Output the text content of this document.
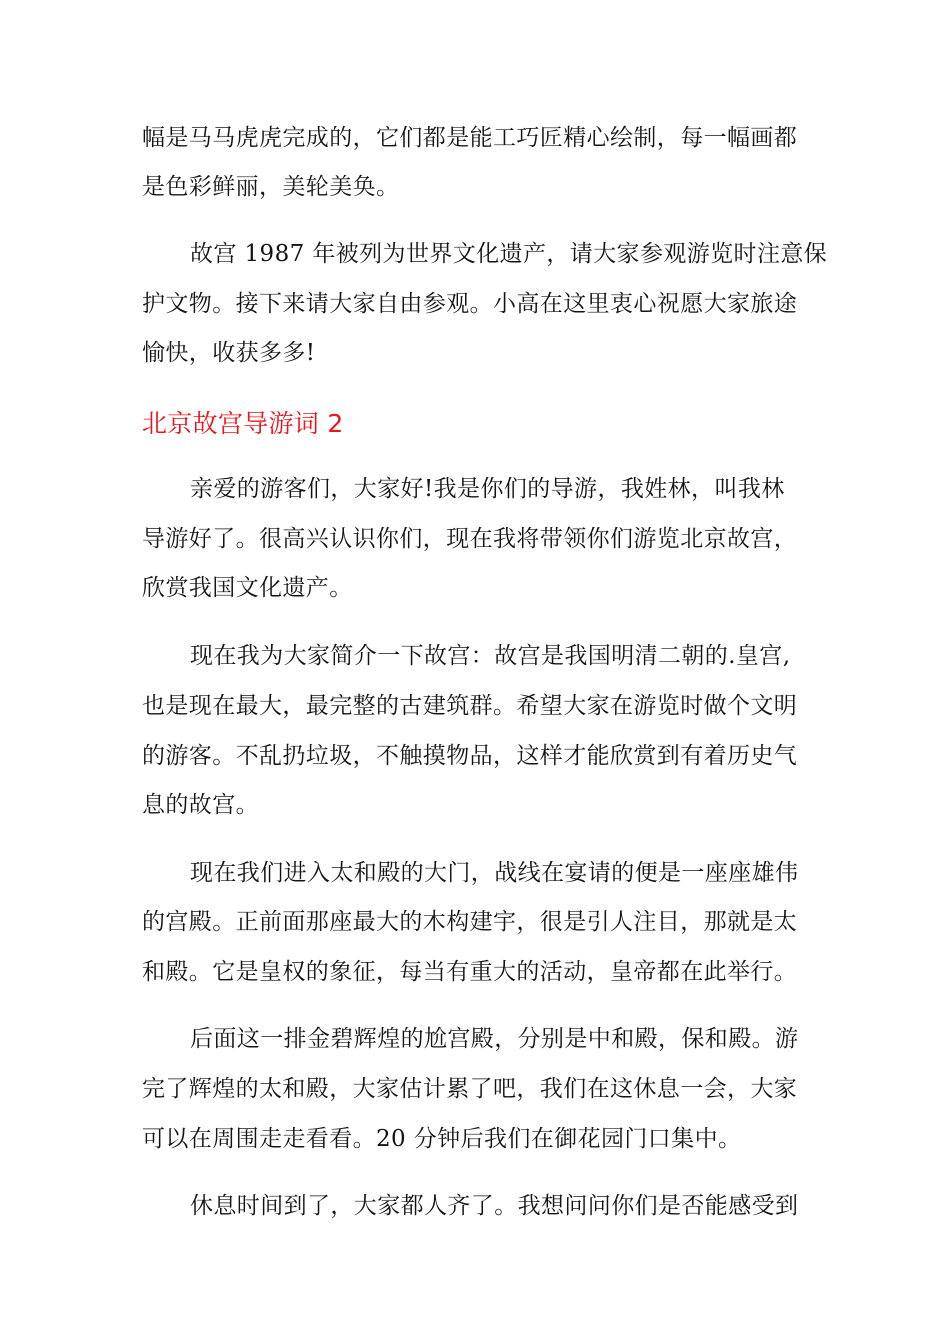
幅是马马虎虎完成的，它们都是能工巧匠精心绘制，每一幅画都

是色彩鲜丽，美轮美奂。

故宫 1987 年被列为世界文化遗产，请大家参观游览时注意保

护文物。接下来请大家自由参观。小高在这里衷心祝愿大家旅途

愉快，收获多多!

北京故宫导游词 2

亲爱的游客们，大家好!我是你们的导游，我姓林，叫我林

导游好了。很高兴认识你们，现在我将带领你们游览北京故宫，

欣赏我国文化遗产。

现在我为大家简介一下故宫：故宫是我国明清二朝的.皇宫,

也是现在最大，最完整的古建筑群。希望大家在游览时做个文明

的游客。不乱扔垃圾，不触摸物品，这样才能欣赏到有着历史气

息的故宫。

现在我们进入太和殿的大门，战线在宴请的便是一座座雄伟

的宫殿。正前面那座最大的木构建宇，很是引人注目，那就是太

和殿。它是皇权的象征，每当有重大的活动，皇帝都在此举行。

后面这一排金碧辉煌的尬宫殿，分别是中和殿，保和殿。游

完了辉煌的太和殿，大家估计累了吧，我们在这休息一会，大家

可以在周围走走看看。20 分钟后我们在御花园门口集中。

休息时间到了，大家都人齐了。我想问问你们是否能感受到
